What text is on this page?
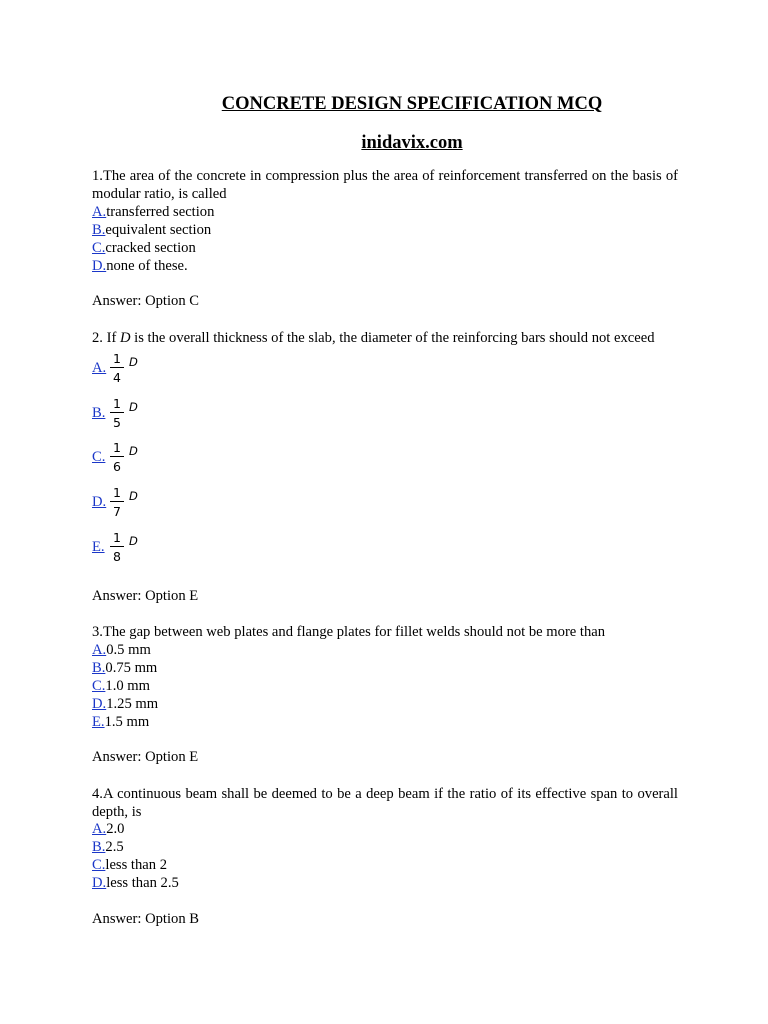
CONCRETE DESIGN SPECIFICATION MCQ
inidavix.com
1.The area of the concrete in compression plus the area of reinforcement transferred on the basis of modular ratio, is called
A.transferred section
B.equivalent section
C.cracked section
D.none of these.
Answer: Option C
2. If D is the overall thickness of the slab, the diameter of the reinforcing bars should not exceed
A.
1
4
D
B.
1
5
D
C.
1
6
D
D.
1
7
D
E.
1
8
D
Answer: Option E
3.The gap between web plates and flange plates for fillet welds should not be more than
A.0.5 mm
B.0.75 mm
C.1.0 mm
D.1.25 mm
E.1.5 mm
Answer: Option E
4.A continuous beam shall be deemed to be a deep beam if the ratio of its effective span to overall depth, is
A.2.0
B.2.5
C.less than 2
D.less than 2.5
Answer: Option B
